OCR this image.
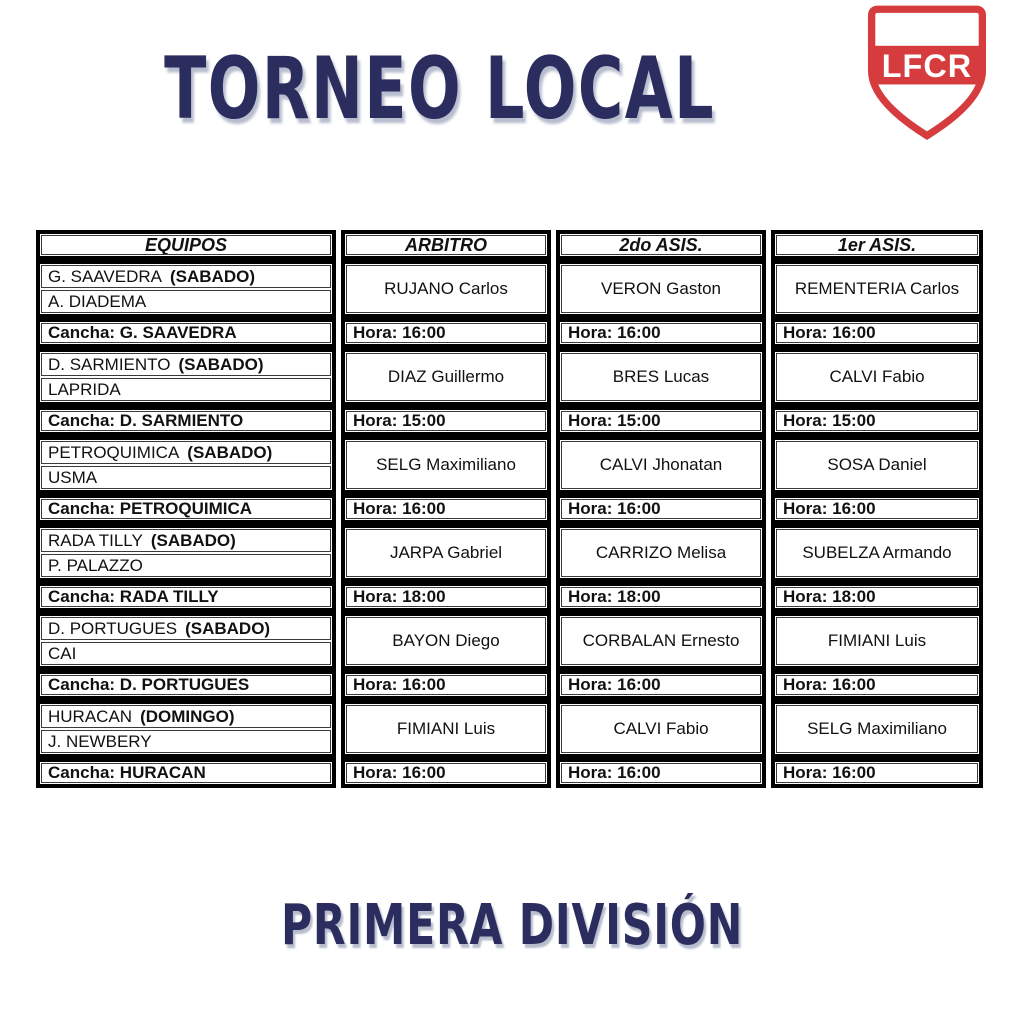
TORNEO LOCAL	LFCR
EQUIPOS	ARBITRO	2do ASIS.	1er ASIS.
G. SAAVEDRA (SABADO)
A. DIADEMA
RUJANO Carlos	VERON Gaston	REMENTERIA Carlos
Cancha: G. SAAVEDRA	Hora: 16:00	Hora: 16:00	Hora: 16:00
D. SARMIENTO (SABADO)
LAPRIDA
DIAZ Guillermo	BRES Lucas	CALVI Fabio
Cancha: D. SARMIENTO	Hora: 15:00	Hora: 15:00	Hora: 15:00
PETROQUIMICA (SABADO)
USMA
SELG Maximiliano	CALVI Jhonatan	SOSA Daniel
Cancha: PETROQUIMICA	Hora: 16:00	Hora: 16:00	Hora: 16:00
RADA TILLY (SABADO)
P. PALAZZO
JARPA Gabriel	CARRIZO Melisa	SUBELZA Armando
Cancha: RADA TILLY	Hora: 18:00	Hora: 18:00	Hora: 18:00
D. PORTUGUES (SABADO)
CAI
BAYON Diego	CORBALAN Ernesto	FIMIANI Luis
Cancha: D. PORTUGUES	Hora: 16:00	Hora: 16:00	Hora: 16:00
HURACAN (DOMINGO)
J. NEWBERY
FIMIANI Luis	CALVI Fabio	SELG Maximiliano
Cancha: HURACAN	Hora: 16:00	Hora: 16:00	Hora: 16:00
PRIMERA DIVISIÓN
